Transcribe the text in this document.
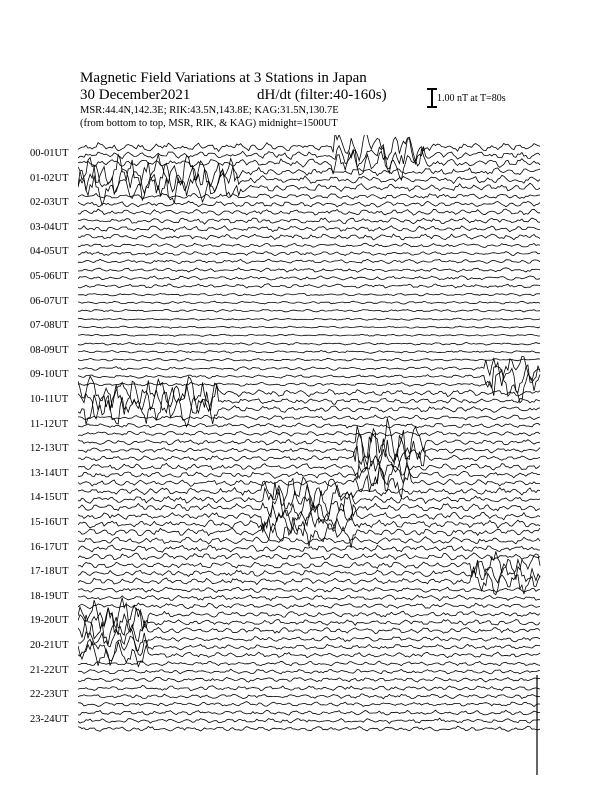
Magnetic Field Variations at 3 Stations in Japan
30 December2021	dH/dt (filter:40-160s)
MSR:44.4N,142.3E; RIK:43.5N,143.8E; KAG:31.5N,130.7E
(from bottom to top, MSR, RIK, & KAG) midnight=1500UT
1.00 nT at T=80s
00-01UT
01-02UT
02-03UT
03-04UT
04-05UT
05-06UT
06-07UT
07-08UT
08-09UT
09-10UT
10-11UT
11-12UT
12-13UT
13-14UT
14-15UT
15-16UT
16-17UT
17-18UT
18-19UT
19-20UT
20-21UT
21-22UT
22-23UT
23-24UT
